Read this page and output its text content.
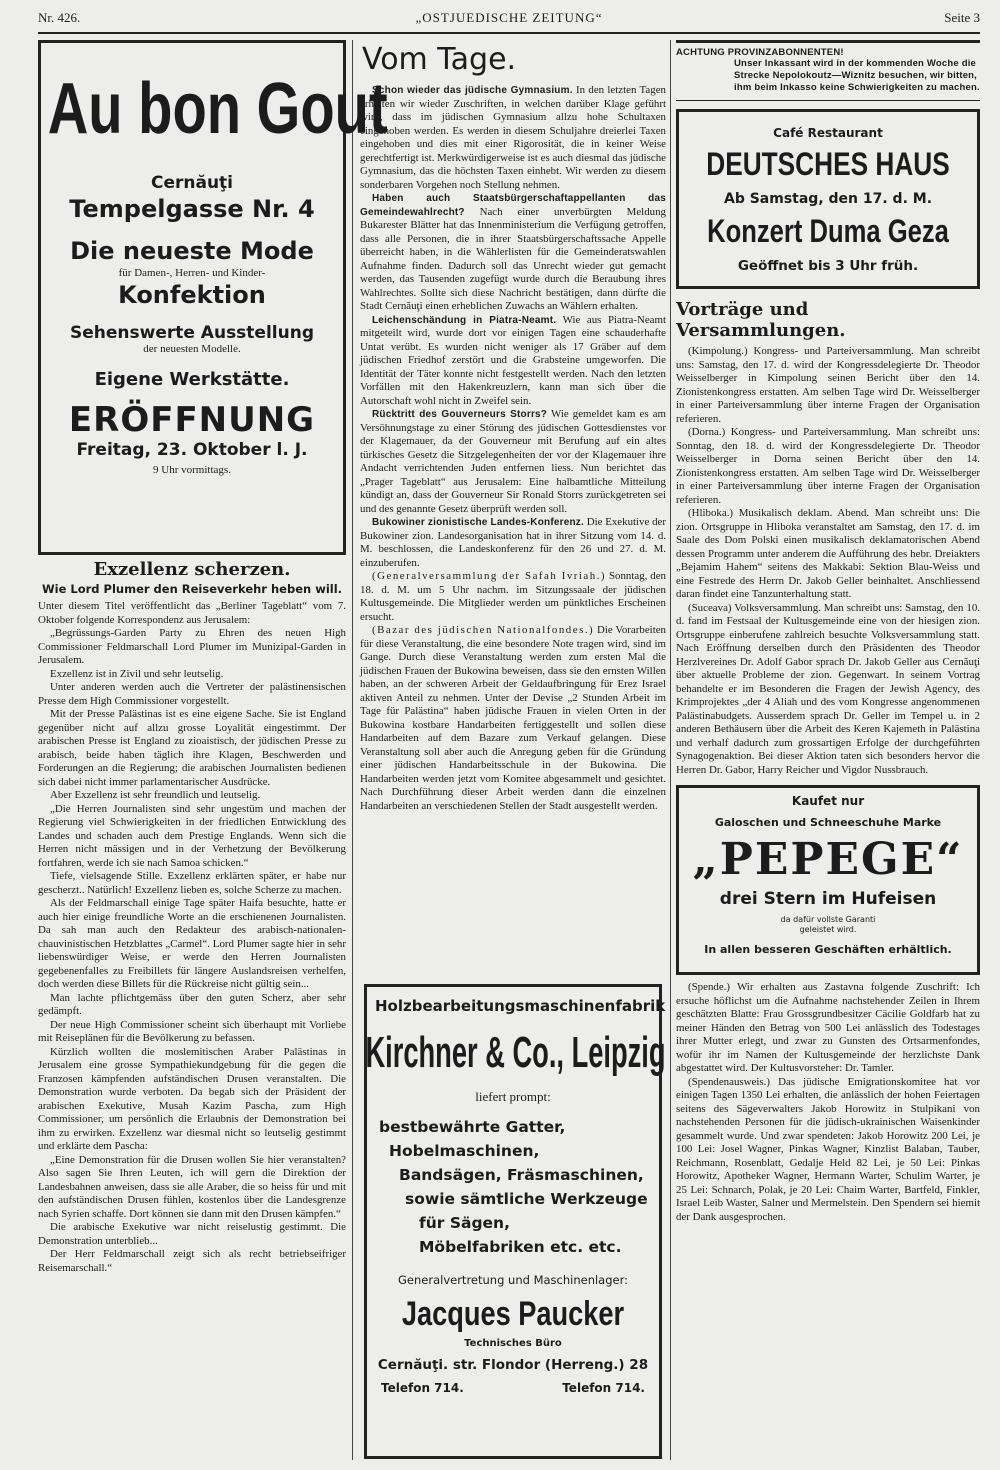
Nr. 426.	„OSTJUEDISCHE ZEITUNG“	Seite 3
Au bon Gout
Cernăuţi
Tempelgasse Nr. 4
Die neueste Mode
für Damen-, Herren- und Kinder-
Konfektion
Sehenswerte Ausstellung
der neuesten Modelle.
Eigene Werkstätte.
ERÖFFNUNG
Freitag, 23. Oktober l. J.
9 Uhr vormittags.
Exzellenz scherzen.
Wie Lord Plumer den Reiseverkehr heben will.

Unter diesem Titel veröffentlicht das „Berliner Tageblatt“ vom 7. Oktober folgende Korrespondenz aus Jerusalem:

„Begrüssungs-Garden Party zu Ehren des neuen High Commissioner Feldmarschall Lord Plumer im Munizipal-Garden in Jerusalem.

Exzellenz ist in Zivil und sehr leutselig.

Unter anderen werden auch die Vertreter der palästinensischen Presse dem High Commissioner vorgestellt.

Mit der Presse Palästinas ist es eine eigene Sache. Sie ist England gegenüber nicht auf allzu grosse Loyalität eingestimmt. Der arabischen Presse ist England zu zioaistisch, der jüdischen Presse zu arabisch, beide haben täglich ihre Klagen, Beschwerden und Forderungen an die Regierung; die arabischen Journalisten bedienen sich dabei nicht immer parlamentarischer Ausdrücke.

Aber Exzellenz ist sehr freundlich und leutselig.

„Die Herren Journalisten sind sehr ungestüm und machen der Regierung viel Schwierigkeiten in der friedlichen Entwicklung des Landes und schaden auch dem Prestige Englands. Wenn sich die Herren nicht mässigen und in der Verhetzung der Bevölkerung fortfahren, werde ich sie nach Samoa schicken.“

Tiefe, vielsagende Stille. Exzellenz erklärten später, er habe nur gescherzt.. Natürlich! Exzellenz lieben es, solche Scherze zu machen.

Als der Feldmarschall einige Tage später Haifa besuchte, hatte er auch hier einige freundliche Worte an die erschienenen Journalisten. Da sah man auch den Redakteur des arabisch-nationalen-chauvinistischen Hetzblattes „Carmel“. Lord Plumer sagte hier in sehr liebenswürdiger Weise, er werde den Herren Journalisten gegebenenfalles zu Freibillets für längere Auslandsreisen verhelfen, doch werden diese Billets für die Rückreise nicht gültig sein...

Man lachte pflichtgemäss über den guten Scherz, aber sehr gedämpft.

Der neue High Commissioner scheint sich überhaupt mit Vorliebe mit Reiseplänen für die Bevölkerung zu befassen.

Kürzlich wollten die moslemitischen Araber Palästinas in Jerusalem eine grosse Sympathiekundgebung für die gegen die Franzosen kämpfenden aufständischen Drusen veranstalten. Die Demonstration wurde verboten. Da begab sich der Präsident der arabischen Exekutive, Musah Kazim Pascha, zum High Commissioner, um persönlich die Erlaubnis der Demonstration bei ihm zu erwirken. Exzellenz war diesmal nicht so leutselig gestimmt und erklärte dem Pascha:

„Eine Demonstration für die Drusen wollen Sie hier veranstalten? Also sagen Sie Ihren Leuten, ich will gern die Direktion der Landesbahnen anweisen, dass sie alle Araber, die so heiss für und mit den aufständischen Drusen fühlen, kostenlos über die Landesgrenze nach Syrien schaffe. Dort können sie dann mit den Drusen kämpfen.“

Die arabische Exekutive war nicht reiselustig gestimmt. Die Demonstration unterblieb...

Der Herr Feldmarschall zeigt sich als recht betriebseifriger Reisemarschall.“

Vom Tage.

Schon wieder das jüdische Gymnasium. In den letzten Tagen erhalten wir wieder Zuschriften, in welchen darüber Klage geführt wird, dass im jüdischen Gymnasium allzu hohe Schultaxen eingehoben werden. Es werden in diesem Schuljahre dreierlei Taxen eingehoben und dies mit einer Rigorosität, die in keiner Weise gerechtfertigt ist. Merkwürdigerweise ist es auch diesmal das jüdische Gymnasium, das die höchsten Taxen einhebt. Wir werden zu diesem sonderbaren Vorgehen noch Stellung nehmen.

Haben auch Staatsbürgerschaftappellanten das Gemeindewahlrecht? Nach einer unverbürgten Meldung Bukarester Blätter hat das Innenministerium die Verfügung getroffen, dass alle Personen, die in ihrer Staatsbürgerschaftssache Appelle überreicht haben, in die Wählerlisten für die Gemeinderatswahlen Aufnahme finden. Dadurch soll das Unrecht wieder gut gemacht werden, das Tausenden zugefügt wurde durch die Beraubung ihres Wahlrechtes. Sollte sich diese Nachricht bestätigen, dann dürfte die Stadt Cernăuţi einen erheblichen Zuwachs an Wählern erhalten.

Leichenschändung in Piatra-Neamt. Wie aus Piatra-Neamt mitgeteilt wird, wurde dort vor einigen Tagen eine schauderhafte Untat verübt. Es wurden nicht weniger als 17 Gräber auf dem jüdischen Friedhof zerstört und die Grabsteine umgeworfen. Die Identität der Täter konnte nicht festgestellt werden. Nach den letzten Vorfällen mit den Hakenkreuzlern, kann man sich über die Autorschaft wohl nicht in Zweifel sein.

Rücktritt des Gouverneurs Storrs? Wie gemeldet kam es am Versöhnungstage zu einer Störung des jüdischen Gottesdienstes vor der Klagemauer, da der Gouverneur mit Berufung auf ein altes türkisches Gesetz die Sitzgelegenheiten der vor der Klagemauer ihre Andacht verrichtenden Juden entfernen liess. Nun berichtet das „Prager Tageblatt“ aus Jerusalem: Eine halbamtliche Mitteilung kündigt an, dass der Gouverneur Sir Ronald Storrs zurückgetreten sei und des genannte Gesetz überprüft werden soll.

Bukowiner zionistische Landes-Konferenz. Die Exekutive der Bukowiner zion. Landesorganisation hat in ihrer Sitzung vom 14. d. M. beschlossen, die Landeskonferenz für den 26 und 27. d. M. einzuberufen.

(Generalversammlung der Safah Ivriah.) Sonntag, den 18. d. M. um 5 Uhr nachm. im Sitzungssaale der jüdischen Kultusgemeinde. Die Mitglieder werden um pünktliches Erscheinen ersucht.

(Bazar des jüdischen Nationalfondes.) Die Vorarbeiten für diese Veranstaltung, die eine besondere Note tragen wird, sind im Gange. Durch diese Veranstaltung werden zum ersten Mal die jüdischen Frauen der Bukowina beweisen, dass sie den ernsten Willen haben, an der schweren Arbeit der Geldaufbringung für Erez Israel aktiven Anteil zu nehmen. Unter der Devise „2 Stunden Arbeit im Tage für Palästina“ haben jüdische Frauen in vielen Orten in der Bukowina kostbare Handarbeiten fertiggestellt und sollen diese Handarbeiten auf dem Bazare zum Verkauf gelangen. Diese Veranstaltung soll aber auch die Anregung geben für die Gründung einer jüdischen Handarbeitsschule in der Bukowina. Die Handarbeiten werden jetzt vom Komitee abgesammelt und gesichtet. Nach Durchführung dieser Arbeit werden dann die einzelnen Handarbeiten an verschiedenen Stellen der Stadt ausgestellt werden.

Holzbearbeitungsmaschinenfabrik
Kirchner & Co., Leipzig
liefert prompt:
bestbewährte Gatter,
Hobelmaschinen,
Bandsägen, Fräsmaschinen,
sowie sämtliche Werkzeuge
für Sägen,
Möbelfabriken etc. etc.
Generalvertretung und Maschinenlager:
Jacques Paucker
Technisches Büro
Cernăuţi. str. Flondor (Herreng.) 28
Telefon 714.	Telefon 714.
ACHTUNG PROVINZABONNENTEN!
Unser Inkassant wird in der kommenden Woche die Strecke Nepolokoutz—Wiznitz besuchen, wir bitten, ihm beim Inkasso keine Schwierigkeiten zu machen.
Café Restaurant
DEUTSCHES HAUS
Ab Samstag, den 17. d. M.
Konzert Duma Geza
Geöffnet bis 3 Uhr früh.
Vorträge und Versammlungen.

(Kimpolung.) Kongress- und Parteiversammlung. Man schreibt uns: Samstag, den 17. d. wird der Kongressdelegierte Dr. Theodor Weisselberger in Kimpolung seinen Bericht über den 14. Zionistenkongress erstatten. Am selben Tage wird Dr. Weisselberger in einer Parteiversammlung über interne Fragen der Organisation referieren.

(Dorna.) Kongress- und Parteiversammlung. Man schreibt uns: Sonntag, den 18. d. wird der Kongressdelegierte Dr. Theodor Weisselberger in Dorna seinen Bericht über den 14. Zionistenkongress erstatten. Am selben Tage wird Dr. Weisselberger in einer Parteiversammlung über interne Fragen der Organisation referieren.

(Hliboka.) Musikalisch deklam. Abend. Man schreibt uns: Die zion. Ortsgruppe in Hliboka veranstaltet am Samstag, den 17. d. im Saale des Dom Polski einen musikalisch deklamatorischen Abend dessen Programm unter anderem die Aufführung des hebr. Dreiakters „Bejamim Hahem“ seitens des Makkabi: Sektion Blau-Weiss und eine Festrede des Herrn Dr. Jakob Geller beinhaltet. Anschliessend daran findet eine Tanzunterhaltung statt.

(Suceava) Volksversammlung. Man schreibt uns: Samstag, den 10. d. fand im Festsaal der Kultusgemeinde eine von der hiesigen zion. Ortsgruppe einberufene zahlreich besuchte Volksversammlung statt. Nach Eröffnung derselben durch den Präsidenten des Theodor Herzlvereines Dr. Adolf Gabor sprach Dr. Jakob Geller aus Cernăuţi über aktuelle Probleme der zion. Gegenwart. In seinem Vortrag behandelte er im Besonderen die Fragen der Jewish Agency, des Krimprojektes „der 4 Aliah und des vom Kongresse angenommenen Palästinabudgets. Ausserdem sprach Dr. Geller im Tempel u. in 2 anderen Bethäusern über die Arbeit des Keren Kajemeth in Palästina und verhalf dadurch zum grossartigen Erfolge der durchgeführten Synagogenaktion. Bei dieser Aktion taten sich besonders hervor die Herren Dr. Gabor, Harry Reicher und Vigdor Nussbrauch.

Kaufet nur
Galoschen und Schneeschuhe Marke
„PEPEGE“
drei Stern im Hufeisen
da dafür vollste Garanti geleistet wird.
In allen besseren Geschäften erhältlich.

(Spende.) Wir erhalten aus Zastavna folgende Zuschrift: Ich ersuche höflichst um die Aufnahme nachstehender Zeilen in Ihrem geschätzten Blatte: Frau Grossgrundbesitzer Cäcilie Goldfarb hat zu meiner Händen den Betrag von 500 Lei anlässlich des Todestages ihrer Mutter erlegt, und zwar zu Gunsten des Ortsarmenfondes, wofür ihr im Namen der Kultusgemeinde der herzlichste Dank abgestattet wird. Der Kultusvorsteher: Dr. Tamler.

(Spendenausweis.) Das jüdische Emigrationskomitee hat vor einigen Tagen 1350 Lei erhalten, die anlässlich der hohen Feiertagen seitens des Sägeverwalters Jakob Horowitz in Stulpikani von nachstehenden Personen für die jüdisch-ukrainischen Waisenkinder gesammelt wurde. Und zwar spendeten: Jakob Horowitz 200 Lei, je 100 Lei: Josel Wagner, Pinkas Wagner, Kinzlist Balaban, Tauber, Reichmann, Rosenblatt, Gedalje Held 82 Lei, je 50 Lei: Pinkas Horowitz, Apotheker Wagner, Hermann Warter, Schulim Warter, je 25 Lei: Schnarch, Polak, je 20 Lei: Chaim Warter, Bartfeld, Finkler, Israel Leib Waster, Salner und Mermelstein. Den Spendern sei hiemit der Dank ausgesprochen.
